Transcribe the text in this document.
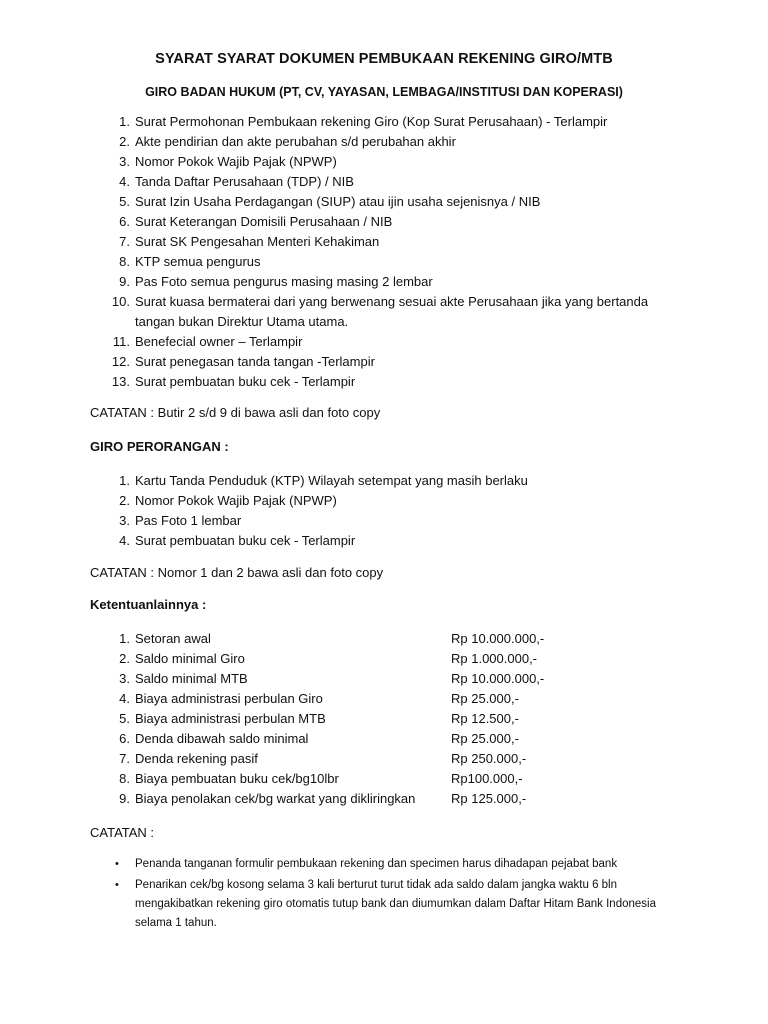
SYARAT SYARAT DOKUMEN PEMBUKAAN REKENING GIRO/MTB
GIRO BADAN HUKUM (PT, CV, YAYASAN, LEMBAGA/INSTITUSI DAN KOPERASI)
1. Surat Permohonan Pembukaan rekening Giro (Kop Surat Perusahaan) - Terlampir
2. Akte pendirian dan akte perubahan s/d perubahan akhir
3. Nomor Pokok Wajib Pajak (NPWP)
4. Tanda Daftar Perusahaan (TDP) / NIB
5. Surat Izin Usaha Perdagangan (SIUP) atau ijin usaha sejenisnya / NIB
6. Surat Keterangan Domisili Perusahaan / NIB
7. Surat SK Pengesahan Menteri Kehakiman
8. KTP semua pengurus
9. Pas Foto semua pengurus masing masing 2 lembar
10. Surat kuasa bermaterai dari yang berwenang sesuai akte Perusahaan jika yang bertanda tangan bukan Direktur Utama utama.
11. Benefecial owner – Terlampir
12. Surat penegasan tanda tangan -Terlampir
13. Surat pembuatan buku cek - Terlampir
CATATAN : Butir 2 s/d 9 di bawa asli dan foto copy
GIRO PERORANGAN :
1. Kartu Tanda Penduduk (KTP) Wilayah setempat yang masih berlaku
2. Nomor Pokok Wajib Pajak (NPWP)
3. Pas Foto 1 lembar
4. Surat pembuatan buku cek - Terlampir
CATATAN : Nomor 1 dan 2 bawa asli dan foto copy
Ketentuanlainnya :
1. Setoran awal	Rp 10.000.000,-
2. Saldo minimal Giro	Rp 1.000.000,-
3. Saldo minimal MTB	Rp 10.000.000,-
4. Biaya administrasi perbulan Giro	Rp 25.000,-
5. Biaya administrasi perbulan MTB	Rp 12.500,-
6. Denda dibawah saldo minimal	Rp 25.000,-
7. Denda rekening pasif	Rp 250.000,-
8. Biaya pembuatan buku cek/bg10lbr	Rp100.000,-
9. Biaya penolakan cek/bg warkat yang dikliringkan	Rp 125.000,-
CATATAN :
• Penanda tanganan formulir pembukaan rekening dan specimen harus dihadapan pejabat bank
• Penarikan cek/bg kosong selama 3 kali berturut turut tidak ada saldo dalam jangka waktu 6 bln mengakibatkan rekening giro otomatis tutup bank dan diumumkan dalam Daftar Hitam Bank Indonesia selama 1 tahun.
